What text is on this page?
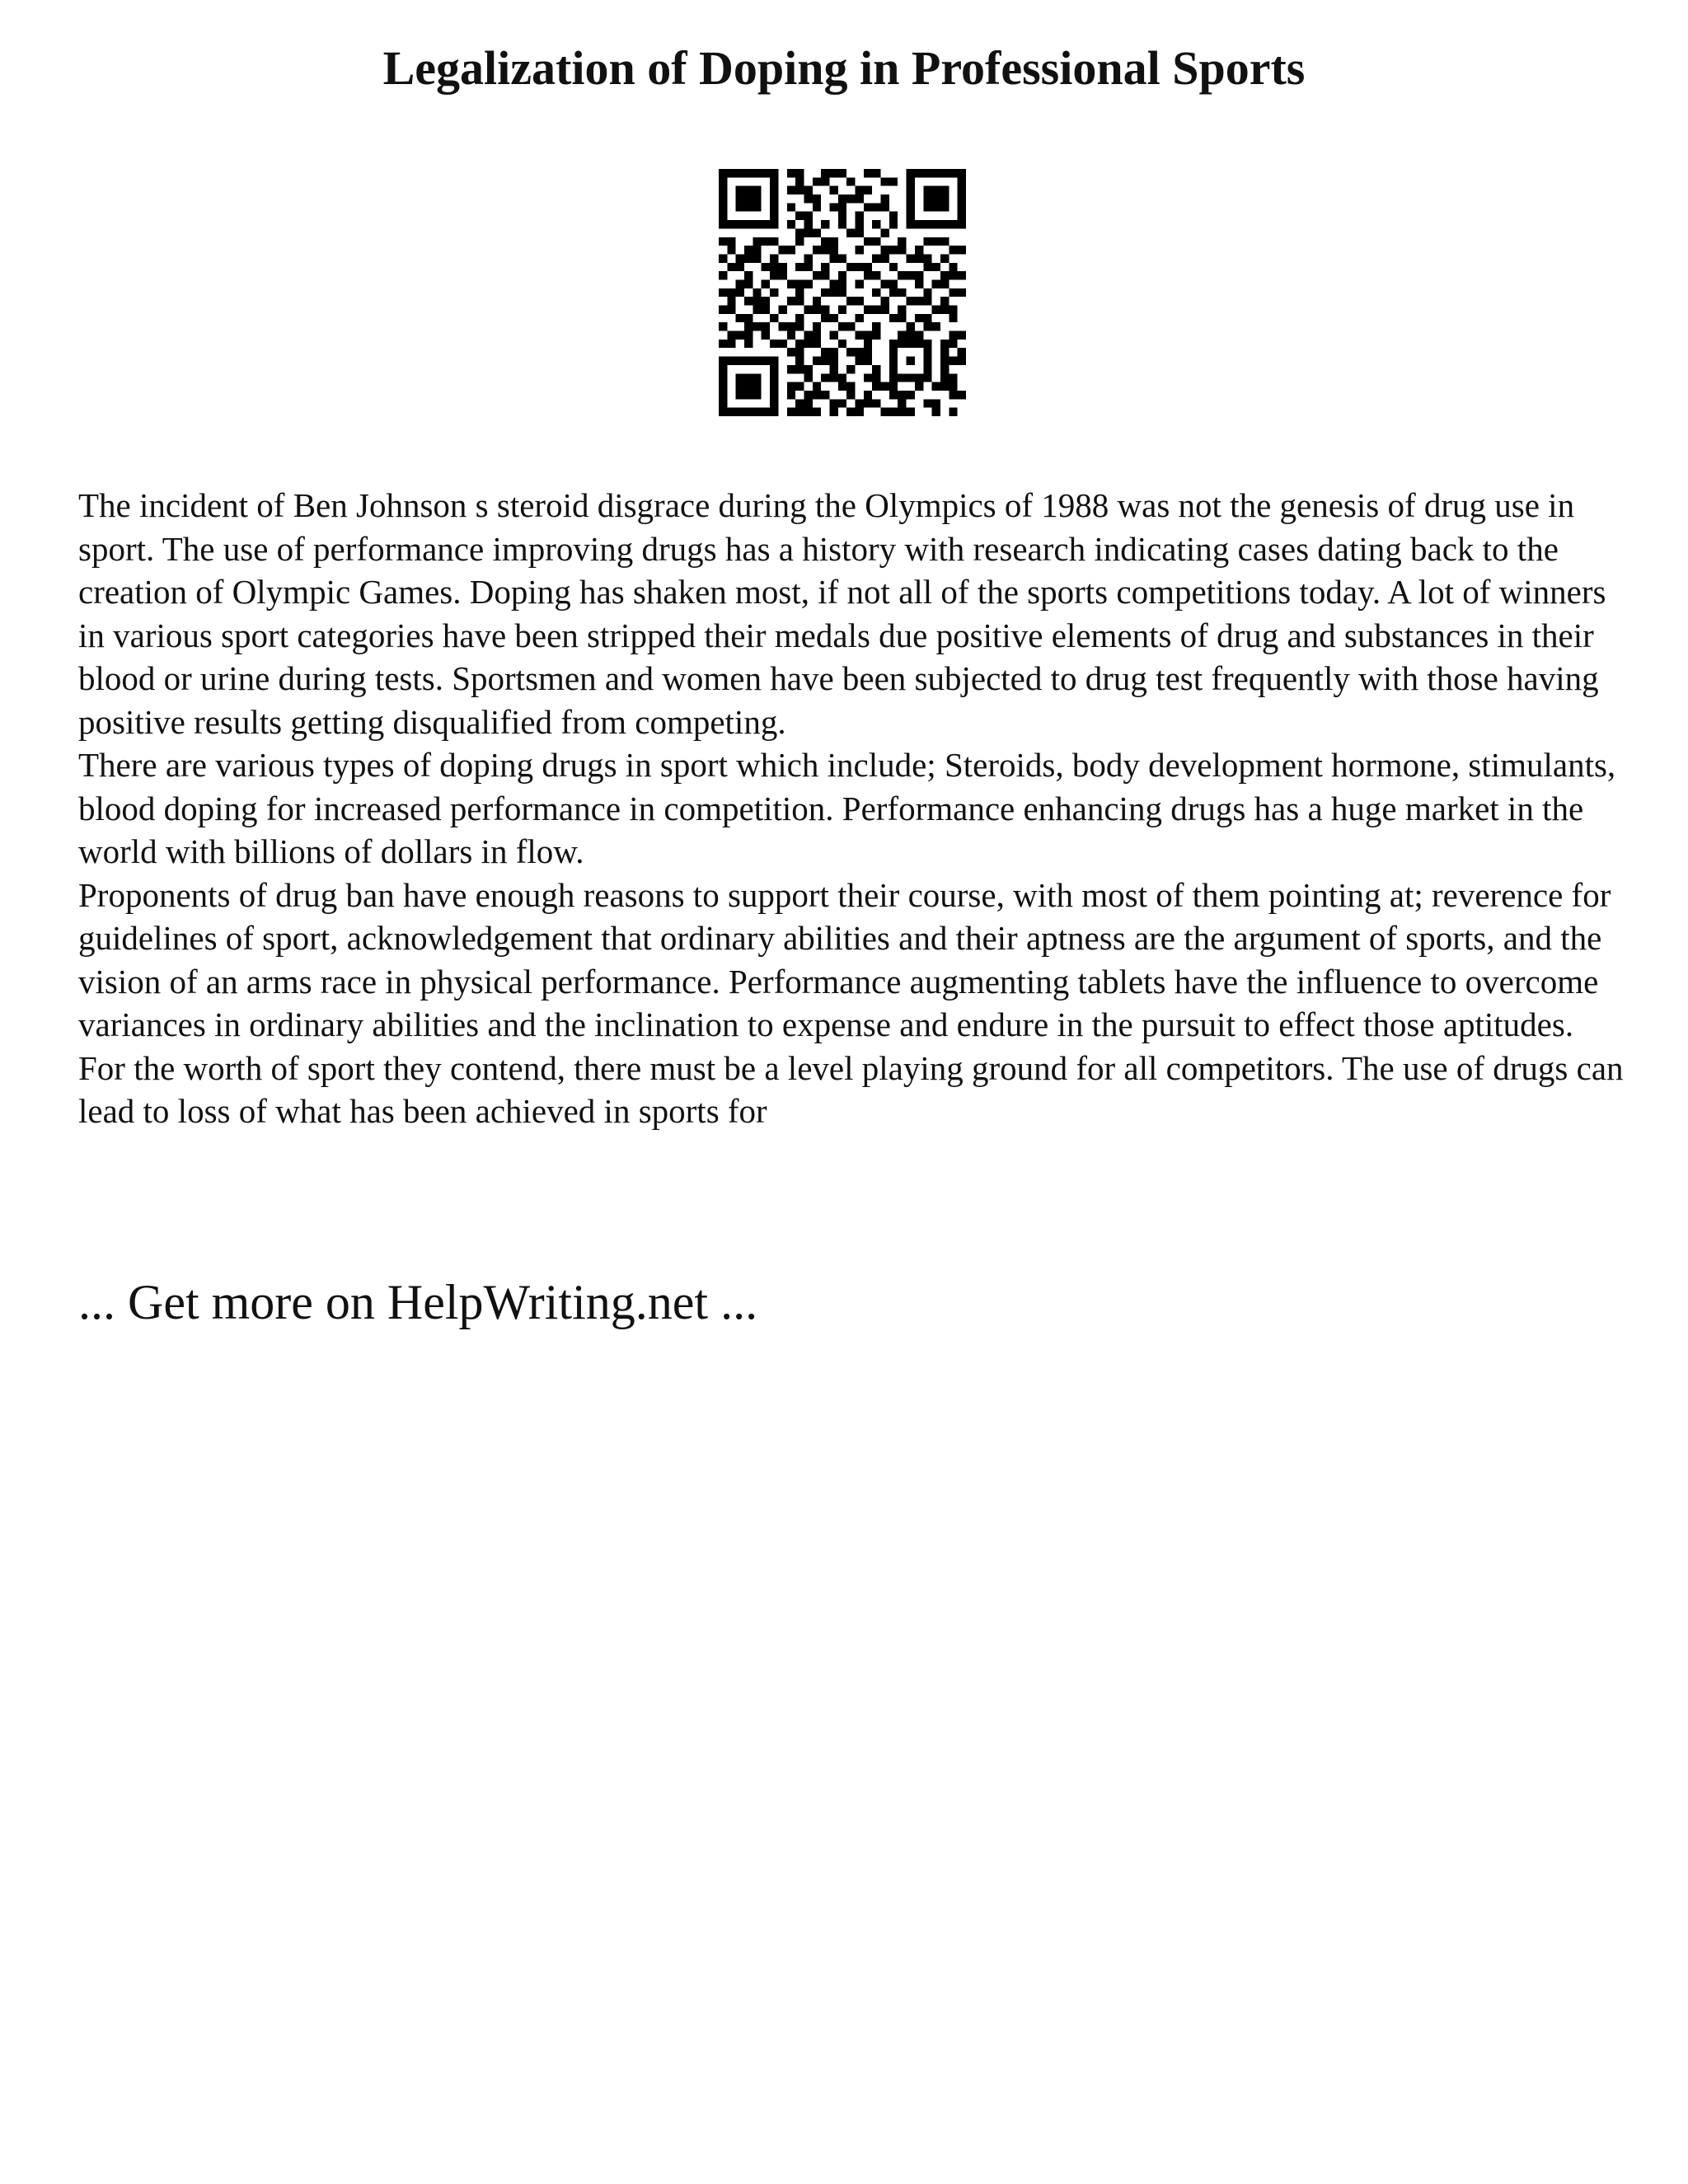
Legalization of Doping in Professional Sports

The incident of Ben Johnson s steroid disgrace during the Olympics of 1988 was not the genesis of drug use in sport. The use of performance improving drugs has a history with research indicating cases dating back to the creation of Olympic Games. Doping has shaken most, if not all of the sports competitions today. A lot of winners in various sport categories have been stripped their medals due positive elements of drug and substances in their blood or urine during tests. Sportsmen and women have been subjected to drug test frequently with those having positive results getting disqualified from competing.

There are various types of doping drugs in sport which include; Steroids, body development hormone, stimulants, blood doping for increased performance in competition. Performance enhancing drugs has a huge market in the world with billions of dollars in flow.

Proponents of drug ban have enough reasons to support their course, with most of them pointing at; reverence for guidelines of sport, acknowledgement that ordinary abilities and their aptness are the argument of sports, and the vision of an arms race in physical performance. Performance augmenting tablets have the influence to overcome variances in ordinary abilities and the inclination to expense and endure in the pursuit to effect those aptitudes. For the worth of sport they contend, there must be a level playing ground for all competitors. The use of drugs can lead to loss of what has been achieved in sports for

... Get more on HelpWriting.net ...
